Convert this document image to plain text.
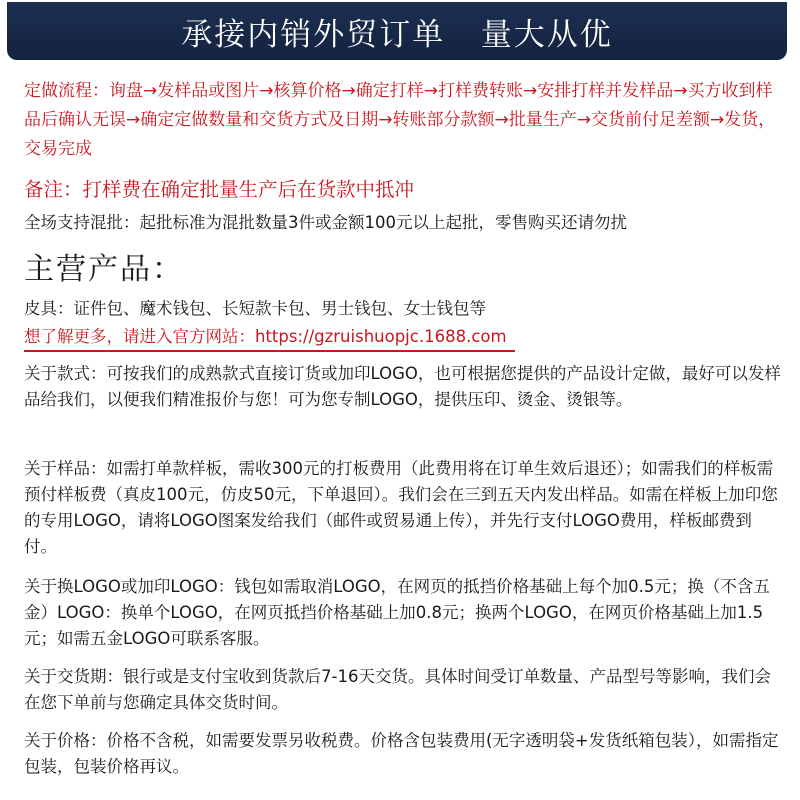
承接内销外贸订单   量大从优
定做流程：询盘→发样品或图片→核算价格→确定打样→打样费转账→安排打样并发样品→买方收到样品后确认无误→确定定做数量和交货方式及日期→转账部分款额→批量生产→交货前付足差额→发货，交易完成
备注：打样费在确定批量生产后在货款中抵冲
全场支持混批：起批标准为混批数量3件或金额100元以上起批，零售购买还请勿扰
主营产品：
皮具：证件包、魔术钱包、长短款卡包、男士钱包、女士钱包等
想了解更多，请进入官方网站：https://gzruishuopjc.1688.com
关于款式：可按我们的成熟款式直接订货或加印LOGO，也可根据您提供的产品设计定做，最好可以发样品给我们，以便我们精准报价与您！可为您专制LOGO，提供压印、烫金、烫银等。
关于样品：如需打单款样板，需收300元的打板费用（此费用将在订单生效后退还）；如需我们的样板需预付样板费（真皮100元，仿皮50元，下单退回）。我们会在三到五天内发出样品。如需在样板上加印您的专用LOGO，请将LOGO图案发给我们（邮件或贸易通上传），并先行支付LOGO费用，样板邮费到付。
关于换LOGO或加印LOGO：钱包如需取消LOGO，在网页的抵挡价格基础上每个加0.5元；换（不含五金）LOGO：换单个LOGO，在网页抵挡价格基础上加0.8元；换两个LOGO，在网页价格基础上加1.5元；如需五金LOGO可联系客服。
关于交货期：银行或是支付宝收到货款后7-16天交货。具体时间受订单数量、产品型号等影响，我们会在您下单前与您确定具体交货时间。
关于价格：价格不含税，如需要发票另收税费。价格含包装费用(无字透明袋+发货纸箱包装），如需指定包装，包装价格再议。
